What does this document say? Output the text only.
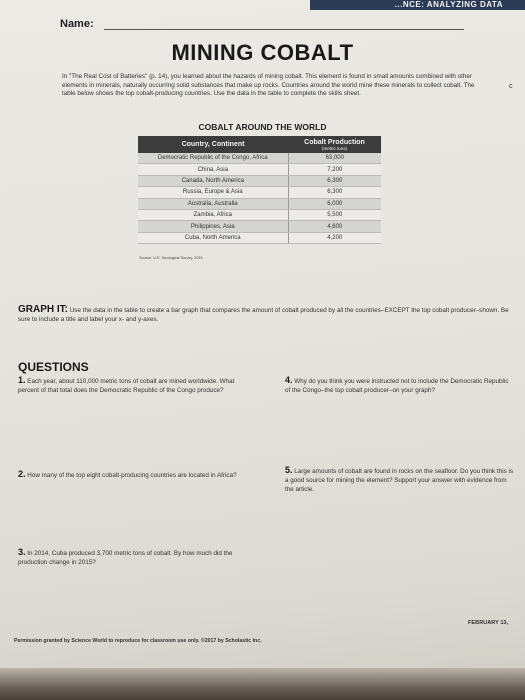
...NCE: ANALYZING DATA
Name:
MINING COBALT
In "The Real Cost of Batteries" (p. 14), you learned about the hazards of mining cobalt. This element is found in small amounts combined with other elements in minerals, naturally occurring solid substances that make up rocks. Countries around the world mine these minerals to collect cobalt. The table below shows the top cobalt-producing countries. Use the data in the table to complete the skills sheet.
c
COBALT AROUND THE WORLD
Country, Continent	Cobalt Production
(metric tons)

Democratic Republic of the Congo, Africa	63,000
China, Asia	7,200
Canada, North America	6,300
Russia, Europe & Asia	6,300
Australia, Australia	6,000
Zambia, Africa	5,500
Philippines, Asia	4,600
Cuba, North America	4,200
Source: U.S. Geological Survey, 2015
GRAPH IT: Use the data in the table to create a bar graph that compares the amount of cobalt produced by all the countries–EXCEPT the top cobalt producer–shown. Be sure to include a title and label your x- and y-axes.
QUESTIONS
1. Each year, about 110,000 metric tons of cobalt are mined worldwide. What percent of that total does the Democratic Republic of the Congo produce?
2. How many of the top eight cobalt-producing countries are located in Africa?
3. In 2014, Cuba produced 3,700 metric tons of cobalt. By how much did the production change in 2015?
4. Why do you think you were instructed not to include the Democratic Republic of the Congo–the top cobalt producer–on your graph?
5. Large amounts of cobalt are found in rocks on the seafloor. Do you think this is a good source for mining the element? Support your answer with evidence from the article.
FEBRUARY 13,
Permission granted by Science World to reproduce for classroom use only. ©2017 by Scholastic Inc.
